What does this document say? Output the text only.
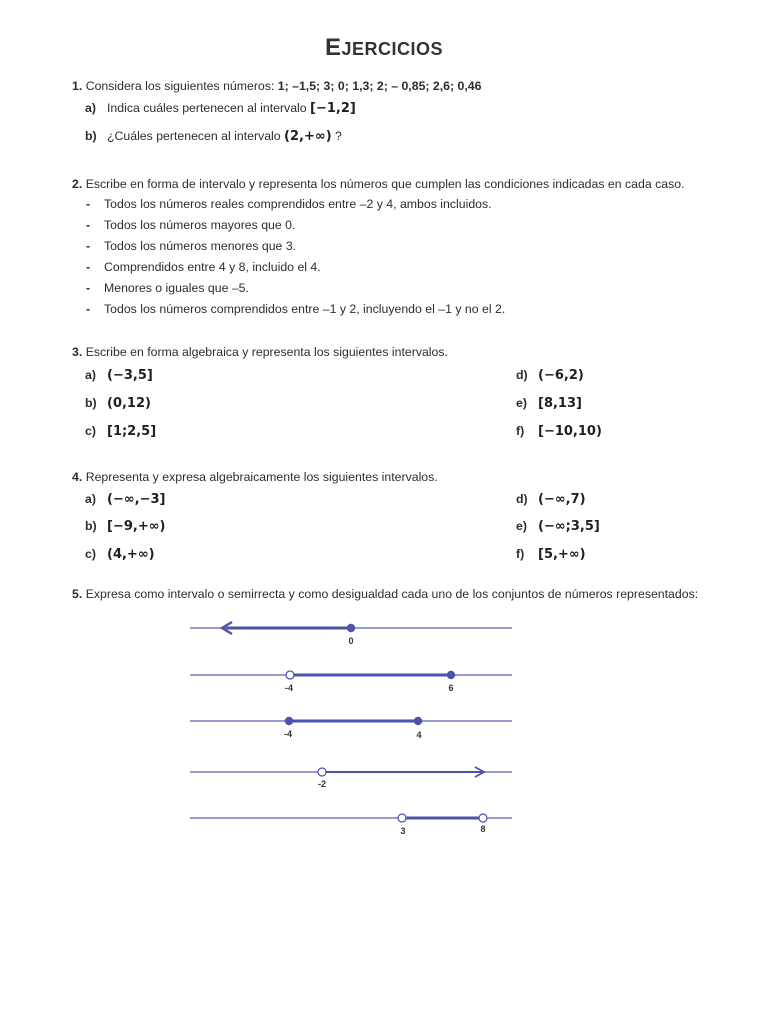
EJERCICIOS
1. Considera los siguientes números: 1; –1,5; 3; 0; 1,3; 2; – 0,85; 2,6; 0,46
a) Indica cuáles pertenecen al intervalo [−1,2]
b) ¿Cuáles pertenecen al intervalo (2,+∞) ?
2. Escribe en forma de intervalo y representa los números que cumplen las condiciones indicadas en cada caso.
- Todos los números reales comprendidos entre –2 y 4, ambos incluidos.
- Todos los números mayores que 0.
- Todos los números menores que 3.
- Comprendidos entre 4 y 8, incluido el 4.
- Menores o iguales que –5.
- Todos los números comprendidos entre –1 y 2, incluyendo el –1 y no el 2.
3. Escribe en forma algebraica y representa los siguientes intervalos.
a) (−3,5]
b) (0,12)
c) [1;2,5]
d) (−6,2)
e) [8,13]
f) [−10,10)
4. Representa y expresa algebraicamente los siguientes intervalos.
a) (−∞,−3]
b) [−9,+∞)
c) (4,+∞)
d) (−∞,7)
e) (−∞;3,5]
f) [5,+∞)
5. Expresa como intervalo o semirrecta y como desigualdad cada uno de los conjuntos de números representados:
0
-4	6
-4	4
-2
3	8
